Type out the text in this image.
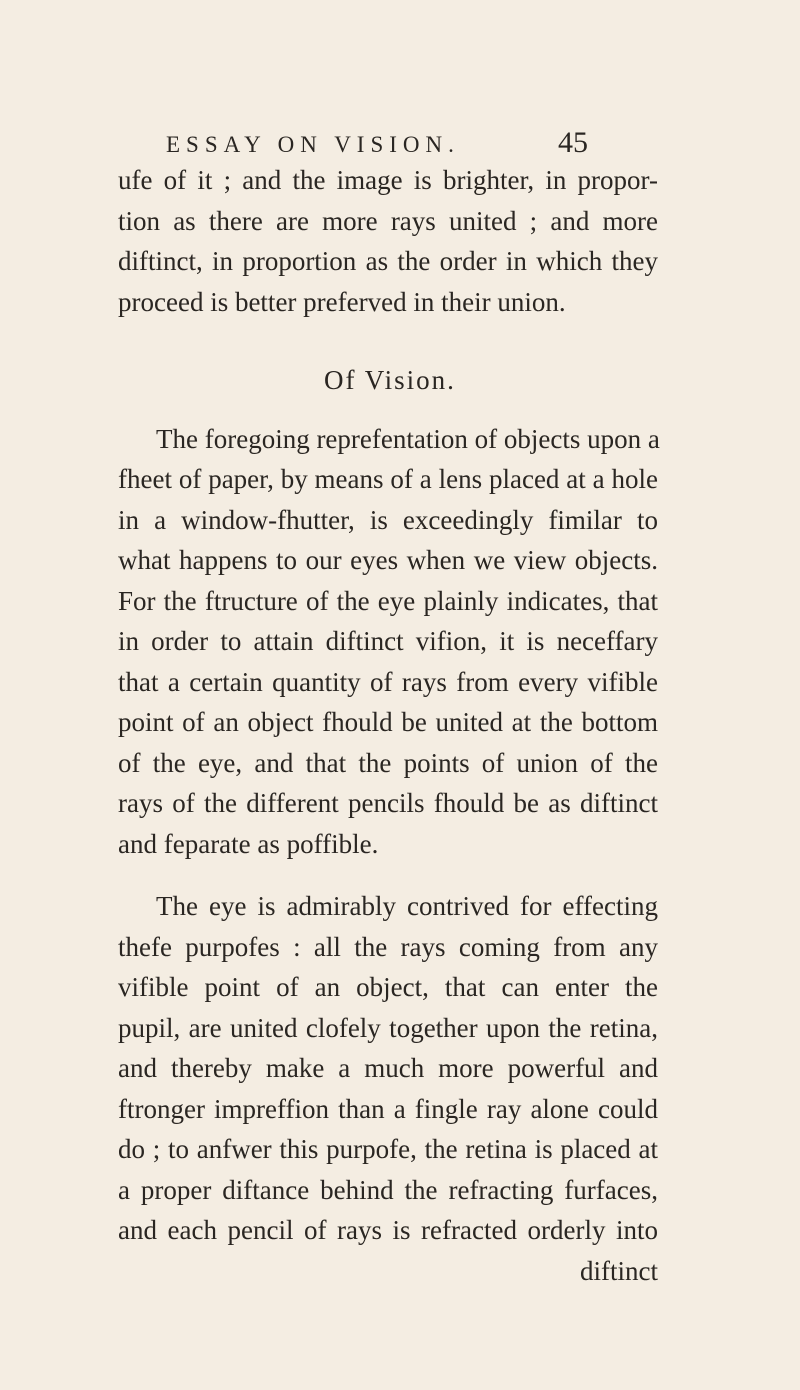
ESSAY ON VISION.	45
ufe of it ; and the image is brighter, in propor-
tion as there are more rays united ; and more
diftinct, in proportion as the order in which they
proceed is better preferved in their union.
Of Vision.
The foregoing reprefentation of objects upon a
fheet of paper, by means of a lens placed at a hole
in a window-fhutter, is exceedingly fimilar to
what happens to our eyes when we view objects.
For the ftructure of the eye plainly indicates, that
in order to attain diftinct vifion, it is neceffary
that a certain quantity of rays from every vifible
point of an object fhould be united at the bottom
of the eye, and that the points of union of the
rays of the different pencils fhould be as diftinct
and feparate as poffible.
The eye is admirably contrived for effecting
thefe purpofes : all the rays coming from any
vifible point of an object, that can enter the
pupil, are united clofely together upon the retina,
and thereby make a much more powerful and
ftronger impreffion than a fingle ray alone could
do ; to anfwer this purpofe, the retina is placed at
a proper diftance behind the refracting furfaces,
and each pencil of rays is refracted orderly into
diftinct
